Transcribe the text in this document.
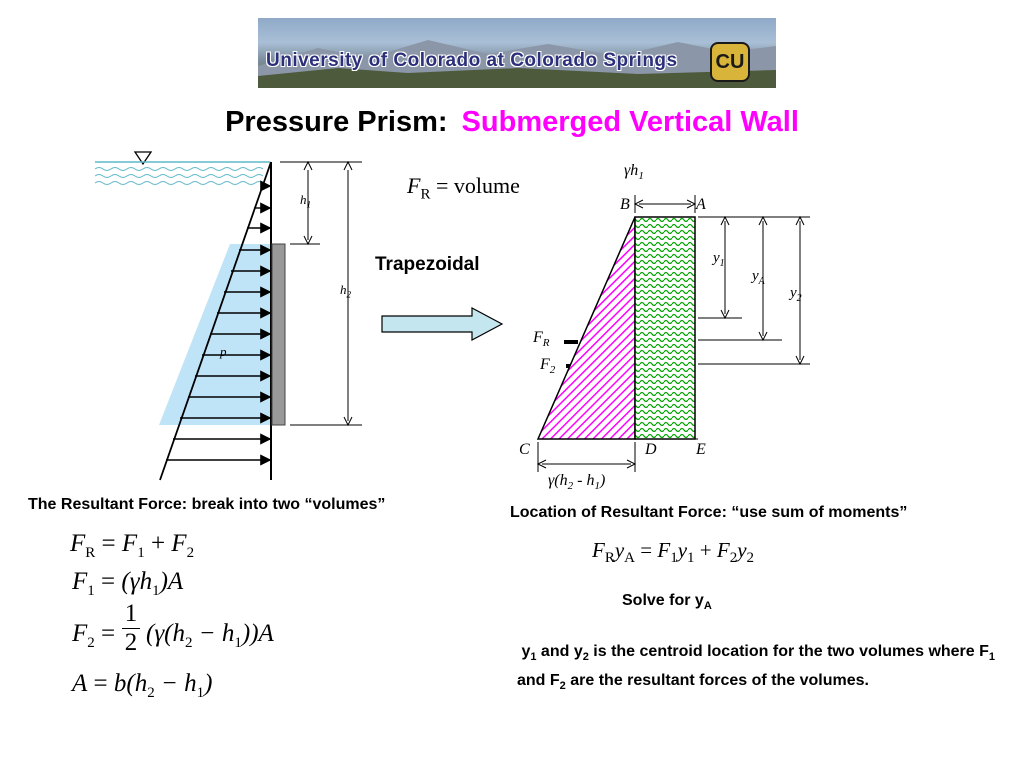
University of Colorado at Colorado Springs CU
Pressure Prism: Submerged Vertical Wall
$h_1$
$h_2$
p
$F_R$ = volume
Trapezoidal
$\gamma h_1$
B	A
C	D E
$F_R$
$F_2$
$y_1$
$y_A$
$y_2$
$\gamma(h_2 - h_1)$
The Resultant Force: break into two “volumes”	Location of Resultant Force: “use sum of moments”
$F_R = F_1 + F_2$
$F_1 = (\gamma h_1)A$
$F_2$ =
1
2 $(\gamma(h_2 - h_1))A$
$A = b(h_2 - h_1)$
$F_Ry_A = F_1y_1 + F_2y_2$
Solve for $y_A$
$y_1$ and $y_2$ is the centroid location for the two volumes where $F_1$ and $F_2$ are the resultant forces of the volumes.
